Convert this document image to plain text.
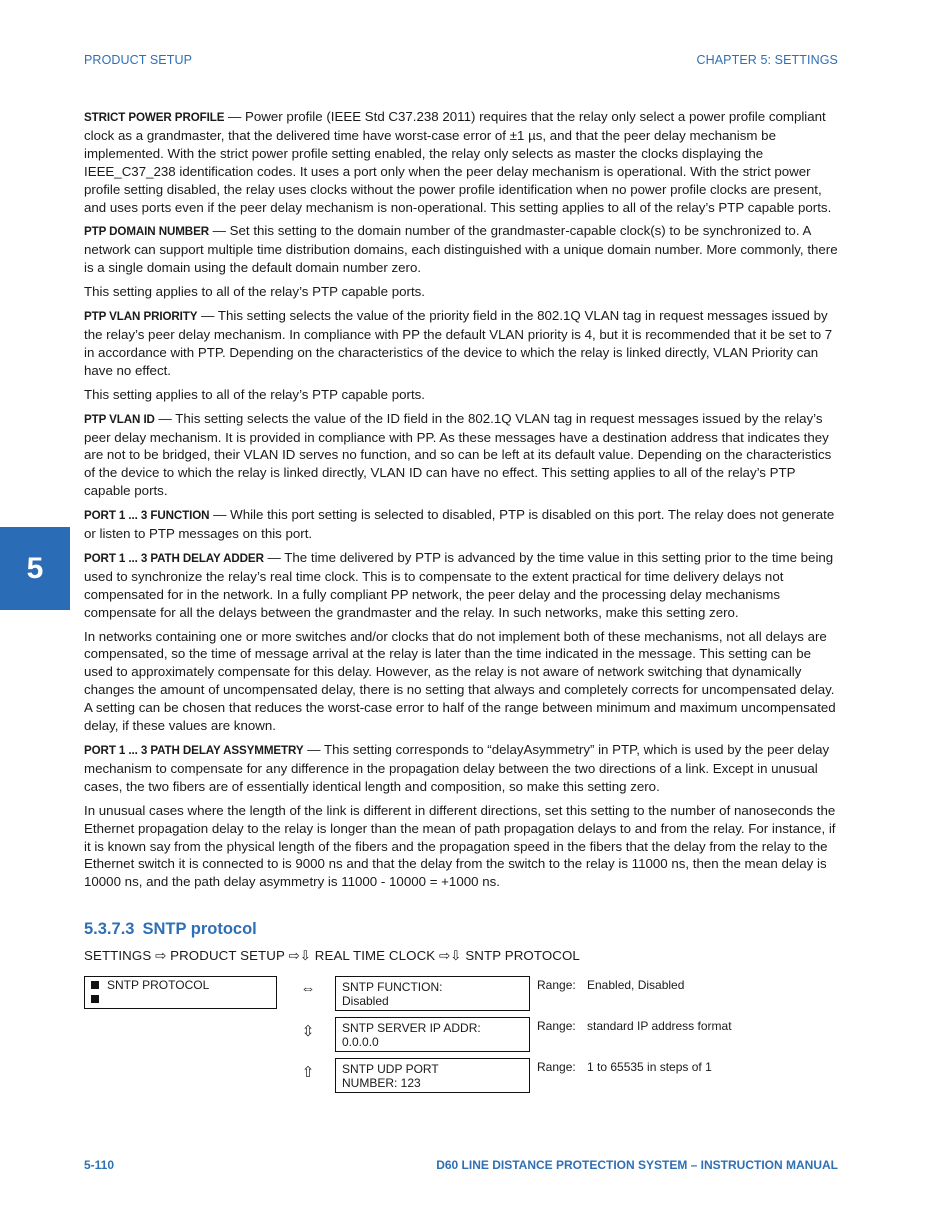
PRODUCT SETUP	CHAPTER 5: SETTINGS
5

STRICT POWER PROFILE — Power profile (IEEE Std C37.238 2011) requires that the relay only select a power profile compliant clock as a grandmaster, that the delivered time have worst-case error of ±1 µs, and that the peer delay mechanism be implemented. With the strict power profile setting enabled, the relay only selects as master the clocks displaying the IEEE_C37_238 identification codes. It uses a port only when the peer delay mechanism is operational. With the strict power profile setting disabled, the relay uses clocks without the power profile identification when no power profile clocks are present, and uses ports even if the peer delay mechanism is non-operational. This setting applies to all of the relay’s PTP capable ports.

PTP DOMAIN NUMBER — Set this setting to the domain number of the grandmaster-capable clock(s) to be synchronized to. A network can support multiple time distribution domains, each distinguished with a unique domain number. More commonly, there is a single domain using the default domain number zero.

This setting applies to all of the relay’s PTP capable ports.

PTP VLAN PRIORITY — This setting selects the value of the priority field in the 802.1Q VLAN tag in request messages issued by the relay’s peer delay mechanism. In compliance with PP the default VLAN priority is 4, but it is recommended that it be set to 7 in accordance with PTP. Depending on the characteristics of the device to which the relay is linked directly, VLAN Priority can have no effect.

This setting applies to all of the relay’s PTP capable ports.

PTP VLAN ID — This setting selects the value of the ID field in the 802.1Q VLAN tag in request messages issued by the relay’s peer delay mechanism. It is provided in compliance with PP. As these messages have a destination address that indicates they are not to be bridged, their VLAN ID serves no function, and so can be left at its default value. Depending on the characteristics of the device to which the relay is linked directly, VLAN ID can have no effect. This setting applies to all of the relay’s PTP capable ports.

PORT 1 ... 3 FUNCTION — While this port setting is selected to disabled, PTP is disabled on this port. The relay does not generate or listen to PTP messages on this port.

PORT 1 ... 3 PATH DELAY ADDER — The time delivered by PTP is advanced by the time value in this setting prior to the time being used to synchronize the relay’s real time clock. This is to compensate to the extent practical for time delivery delays not compensated for in the network. In a fully compliant PP network, the peer delay and the processing delay mechanisms compensate for all the delays between the grandmaster and the relay. In such networks, make this setting zero.

In networks containing one or more switches and/or clocks that do not implement both of these mechanisms, not all delays are compensated, so the time of message arrival at the relay is later than the time indicated in the message. This setting can be used to approximately compensate for this delay. However, as the relay is not aware of network switching that dynamically changes the amount of uncompensated delay, there is no setting that always and completely corrects for uncompensated delay. A setting can be chosen that reduces the worst-case error to half of the range between minimum and maximum uncompensated delay, if these values are known.

PORT 1 ... 3 PATH DELAY ASSYMMETRY — This setting corresponds to “delayAsymmetry” in PTP, which is used by the peer delay mechanism to compensate for any difference in the propagation delay between the two directions of a link. Except in unusual cases, the two fibers are of essentially identical length and composition, so make this setting zero.

In unusual cases where the length of the link is different in different directions, set this setting to the number of nanoseconds the Ethernet propagation delay to the relay is longer than the mean of path propagation delays to and from the relay. For instance, if it is known say from the physical length of the fibers and the propagation speed in the fibers that the delay from the relay to the Ethernet switch it is connected to is 9000 ns and that the delay from the switch to the relay is 11000 ns, then the mean delay is 10000 ns, and the path delay asymmetry is 11000 - 10000 = +1000 ns.

5.3.7.3 SNTP protocol
SETTINGS ⇨ PRODUCT SETUP ⇨⇩ REAL TIME CLOCK ⇨⇩ SNTP PROTOCOL
SNTP PROTOCOL	⇔ SNTP FUNCTION:
Disabled
Range: Enabled, Disabled
⇳	SNTP SERVER IP ADDR:
0.0.0.0
Range: standard IP address format
⇧	SNTP UDP PORT
NUMBER: 123
Range: 1 to 65535 in steps of 1
5-110	D60 LINE DISTANCE PROTECTION SYSTEM – INSTRUCTION MANUAL
